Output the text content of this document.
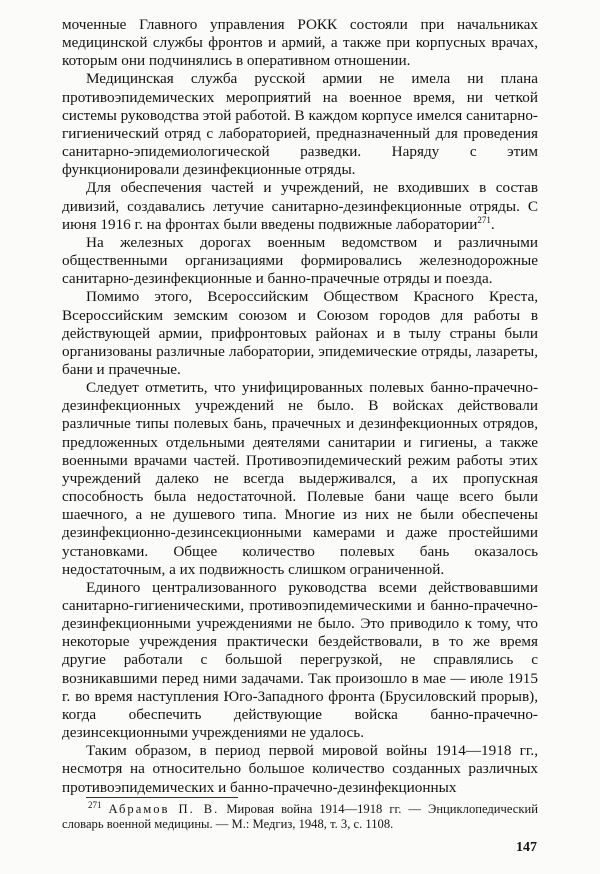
моченные Главного управления РОКК состояли при начальниках медицинской службы фронтов и армий, а также при корпусных врачах, которым они подчинялись в оперативном отношении.

Медицинская служба русской армии не имела ни плана противоэпидемических мероприятий на военное время, ни четкой системы руководства этой работой. В каждом корпусе имелся санитарно-гигиенический отряд с лабораторией, предназначенный для проведения санитарно-эпидемиологической разведки. Наряду с этим функционировали дезинфекционные отряды.

Для обеспечения частей и учреждений, не входивших в состав дивизий, создавались летучие санитарно-дезинфекционные отряды. С июня 1916 г. на фронтах были введены подвижные лаборатории$^{271}$.

На железных дорогах военным ведомством и различными общественными организациями формировались железнодорожные санитарно-дезинфекционные и банно-прачечные отряды и поезда.

Помимо этого, Всероссийским Обществом Красного Креста, Всероссийским земским союзом и Союзом городов для работы в действующей армии, прифронтовых районах и в тылу страны были организованы различные лаборатории, эпидемические отряды, лазареты, бани и прачечные.

Следует отметить, что унифицированных полевых банно-прачечно-дезинфекционных учреждений не было. В войсках действовали различные типы полевых бань, прачечных и дезинфекционных отрядов, предложенных отдельными деятелями санитарии и гигиены, а также военными врачами частей. Противоэпидемический режим работы этих учреждений далеко не всегда выдерживался, а их пропускная способность была недостаточной. Полевые бани чаще всего были шаечного, а не душевого типа. Многие из них не были обеспечены дезинфекционно-дезинсекционными камерами и даже простейшими установками. Общее количество полевых бань оказалось недостаточным, а их подвижность слишком ограниченной.

Единого централизованного руководства всеми действовавшими санитарно-гигиеническими, противоэпидемическими и банно-прачечно-дезинфекционными учреждениями не было. Это приводило к тому, что некоторые учреждения практически бездействовали, в то же время другие работали с большой перегрузкой, не справлялись с возникавшими перед ними задачами. Так произошло в мае — июле 1915 г. во время наступления Юго-Западного фронта (Брусиловский прорыв), когда обеспечить действующие войска банно-прачечно-дезинсекционными учреждениями не удалось.

Таким образом, в период первой мировой войны 1914—1918 гг., несмотря на относительно большое количество созданных различных противоэпидемических и банно-прачечно-дезинфекционных

$^{271}$ Абрамов П. В. Мировая война 1914—1918 гг. — Энциклопедический словарь военной медицины. — М.: Медгиз, 1948, т. 3, с. 1108.

147
